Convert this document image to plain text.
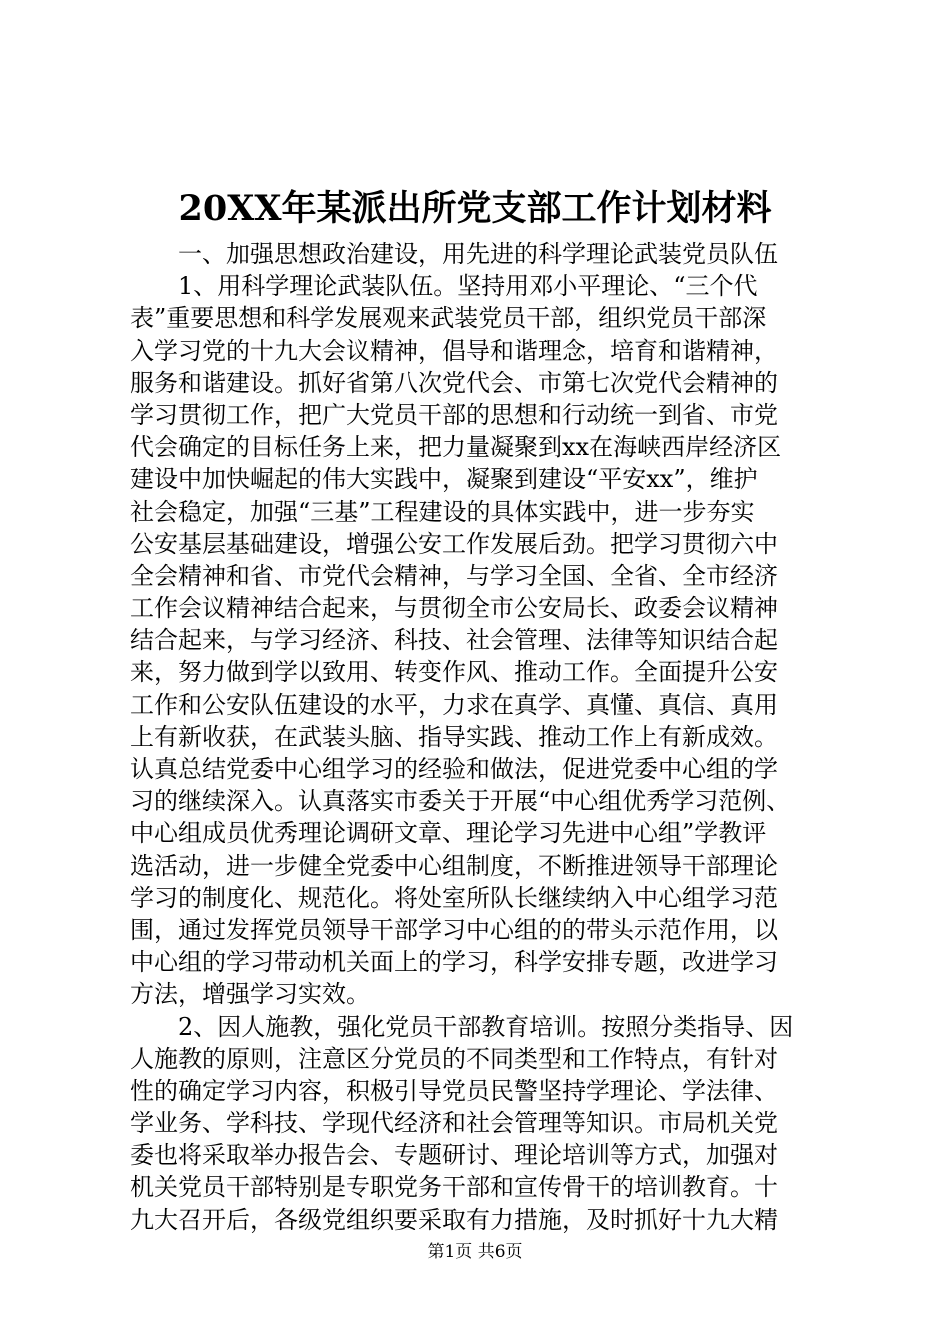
20XX年某派出所党支部工作计划材料
一、加强思想政治建设，用先进的科学理论武装党员队伍
1、用科学理论武装队伍。坚持用邓小平理论、“三个代
表”重要思想和科学发展观来武装党员干部，组织党员干部深
入学习党的十九大会议精神，倡导和谐理念，培育和谐精神，
服务和谐建设。抓好省第八次党代会、市第七次党代会精神的
学习贯彻工作，把广大党员干部的思想和行动统一到省、市党
代会确定的目标任务上来，把力量凝聚到xx在海峡西岸经济区
建设中加快崛起的伟大实践中，凝聚到建设“平安xx”，维护
社会稳定，加强“三基”工程建设的具体实践中，进一步夯实
公安基层基础建设，增强公安工作发展后劲。把学习贯彻六中
全会精神和省、市党代会精神，与学习全国、全省、全市经济
工作会议精神结合起来，与贯彻全市公安局长、政委会议精神
结合起来，与学习经济、科技、社会管理、法律等知识结合起
来，努力做到学以致用、转变作风、推动工作。全面提升公安
工作和公安队伍建设的水平，力求在真学、真懂、真信、真用
上有新收获，在武装头脑、指导实践、推动工作上有新成效。
认真总结党委中心组学习的经验和做法，促进党委中心组的学
习的继续深入。认真落实市委关于开展“中心组优秀学习范例、
中心组成员优秀理论调研文章、理论学习先进中心组”学教评
选活动，进一步健全党委中心组制度，不断推进领导干部理论
学习的制度化、规范化。将处室所队长继续纳入中心组学习范
围，通过发挥党员领导干部学习中心组的的带头示范作用，以
中心组的学习带动机关面上的学习，科学安排专题，改进学习
方法，增强学习实效。
2、因人施教，强化党员干部教育培训。按照分类指导、因
人施教的原则，注意区分党员的不同类型和工作特点，有针对
性的确定学习内容，积极引导党员民警坚持学理论、学法律、
学业务、学科技、学现代经济和社会管理等知识。市局机关党
委也将采取举办报告会、专题研讨、理论培训等方式，加强对
机关党员干部特别是专职党务干部和宣传骨干的培训教育。十
九大召开后，各级党组织要采取有力措施，及时抓好十九大精
第1页 共6页
